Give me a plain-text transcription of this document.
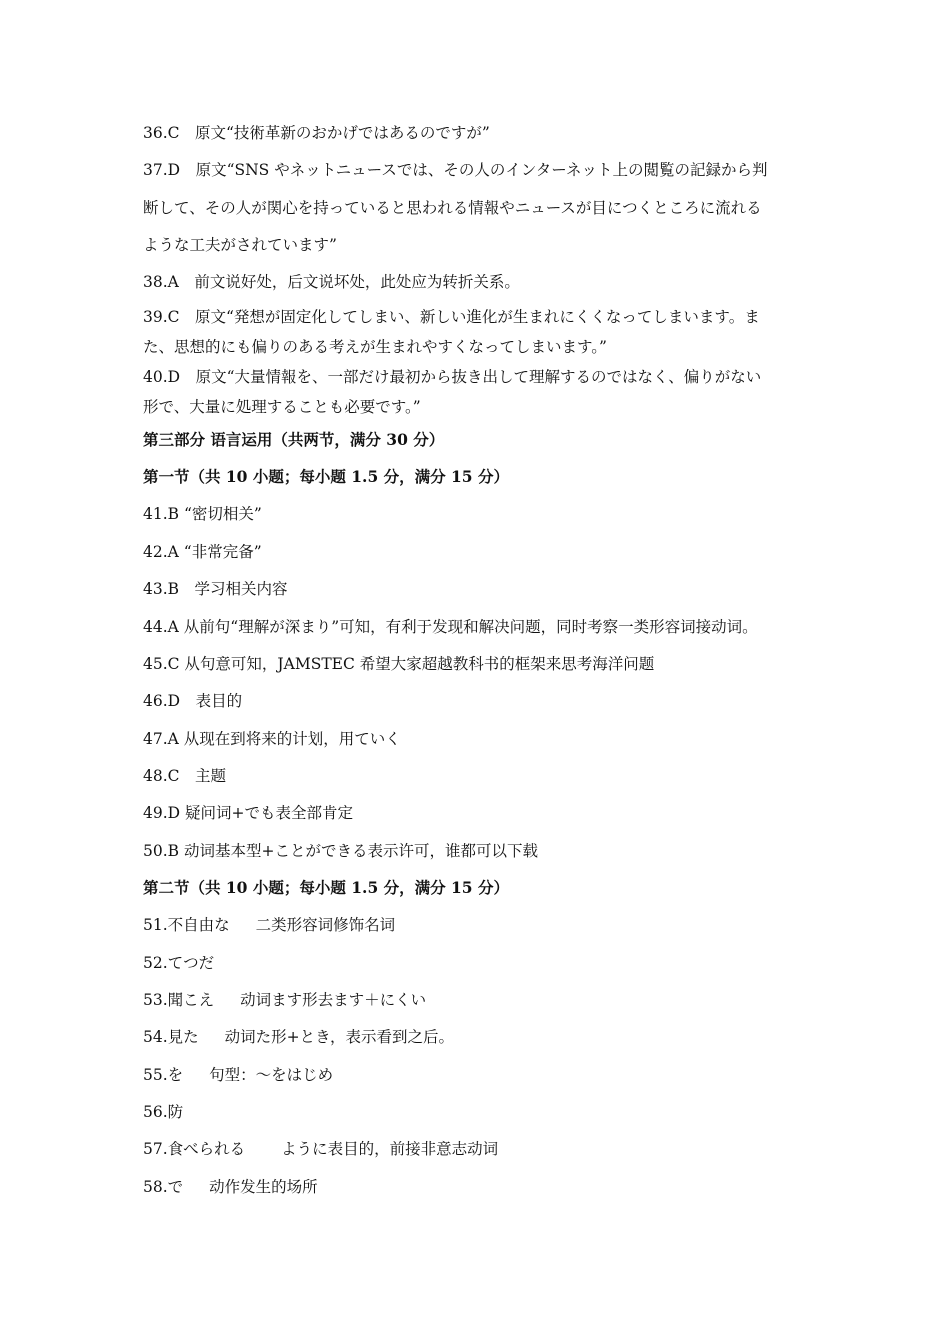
36.C　原文“技術革新のおかげではあるのですが”
37.D　原文“SNS やネットニュースでは、その人のインターネット上の閲覧の記録から判
断して、その人が関心を持っていると思われる情報やニュースが目につくところに流れる
ような工夫がされています”
38.A　前文说好处，后文说坏处，此处应为转折关系。
39.C　原文“発想が固定化してしまい、新しい進化が生まれにくくなってしまいます。ま
た、思想的にも偏りのある考えが生まれやすくなってしまいます。”
40.D　原文“大量情報を、一部だけ最初から抜き出して理解するのではなく、偏りがない
形で、大量に処理することも必要です。”
第三部分 语言运用（共两节，满分 30 分）
第一节（共 10 小题；每小题 1.5 分，满分 15 分）
41.B “密切相关”
42.A “非常完备”
43.B　学习相关内容
44.A 从前句“理解が深まり”可知，有利于发现和解决问题，同时考察一类形容词接动词。
45.C 从句意可知，JAMSTEC 希望大家超越教科书的框架来思考海洋问题
46.D　表目的
47.A 从现在到将来的计划，用ていく
48.C　主题
49.D 疑问词+でも表全部肯定
50.B 动词基本型+ことができる表示许可，谁都可以下载
第二节（共 10 小题；每小题 1.5 分，满分 15 分）
51.不自由な 二类形容词修饰名词
52.てつだ
53.聞こえ 动词ます形去ます＋にくい
54.見た 动词た形+とき，表示看到之后。
55.を 句型：～をはじめ
56.防
57.食べられる ように表目的，前接非意志动词
58.で 动作发生的场所
